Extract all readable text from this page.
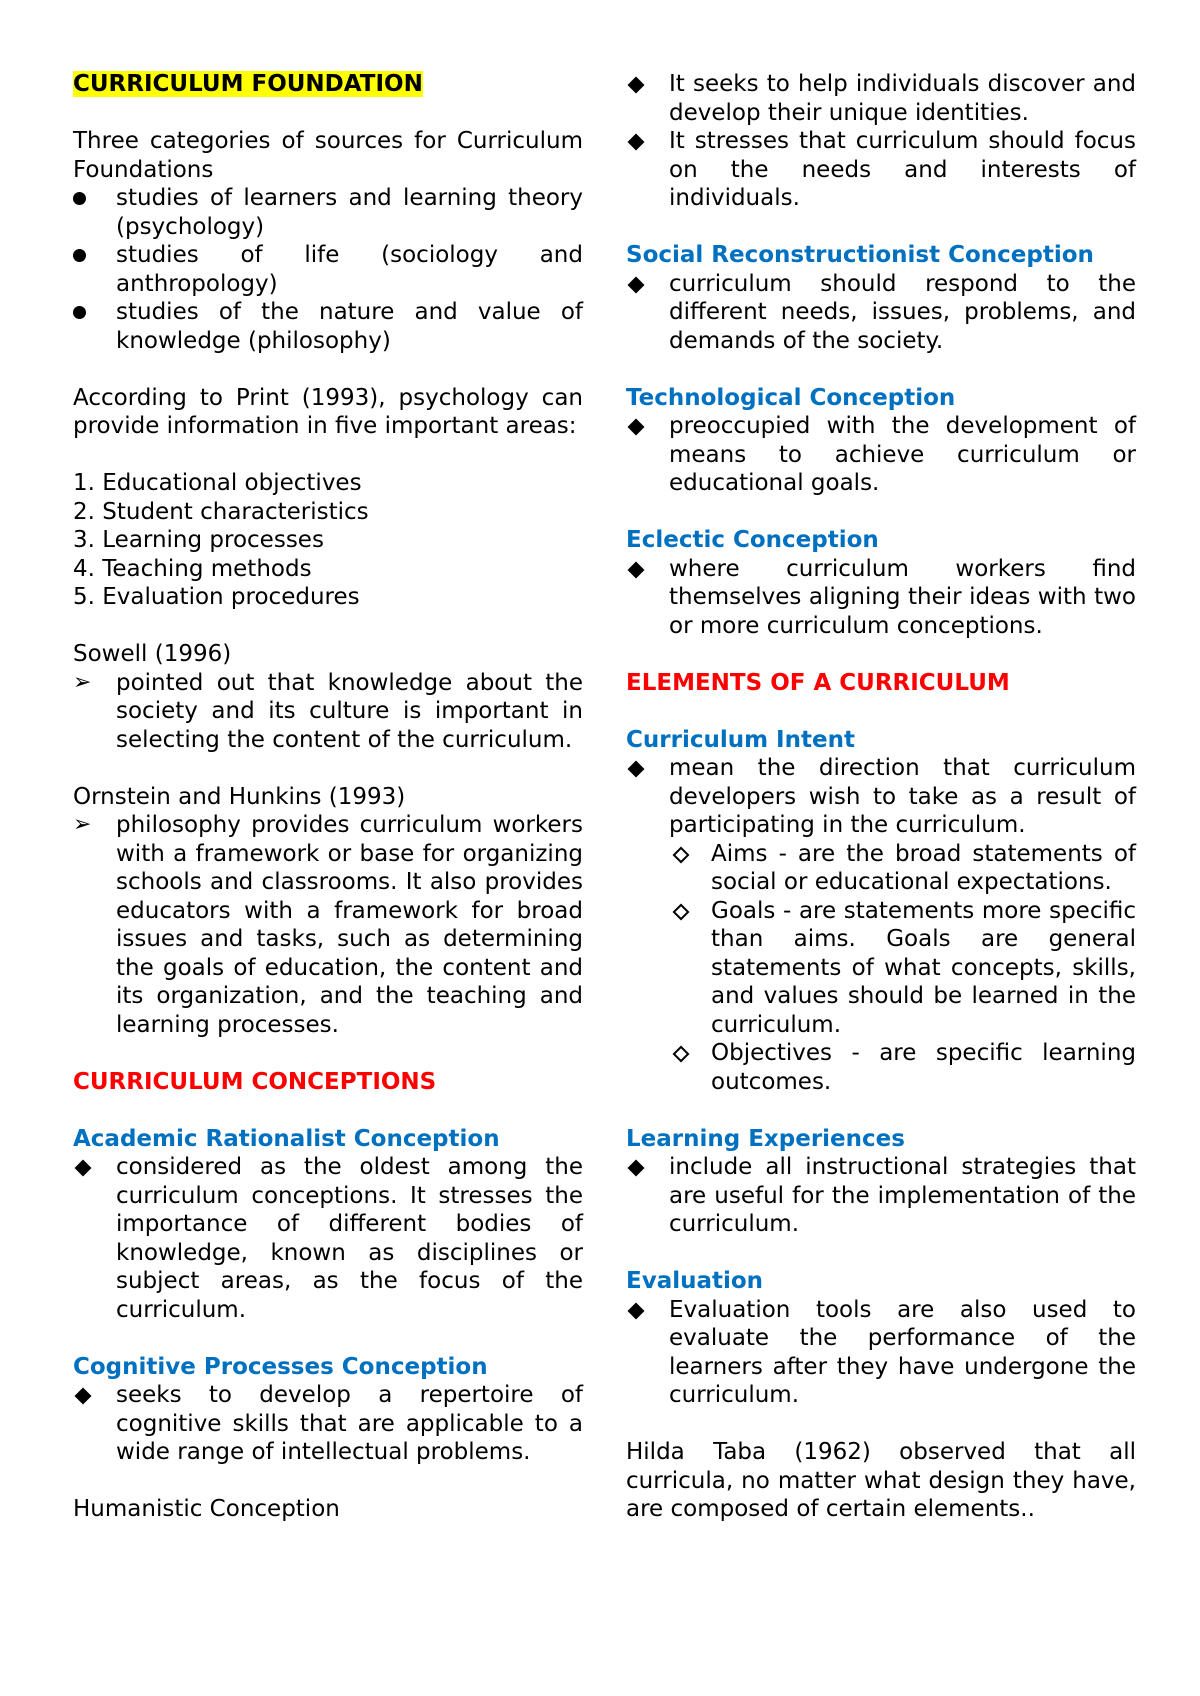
CURRICULUM FOUNDATION

Three categories of sources for Curriculum Foundations

studies of learners and learning theory (psychology)
studies of life (sociology and anthropology)
studies of the nature and value of knowledge (philosophy)

According to Print (1993), psychology can provide information in five important areas:

1. Educational objectives

2. Student characteristics

3. Learning processes

4. Teaching methods

5. Evaluation procedures

Sowell (1996)

➢	pointed out that knowledge about the society and its culture is important in selecting the content of the curriculum.

Ornstein and Hunkins (1993)

➢	philosophy provides curriculum workers with a framework or base for organizing schools and classrooms. It also provides educators with a framework for broad issues and tasks, such as determining the goals of education, the content and its organization, and the teaching and learning processes.

CURRICULUM CONCEPTIONS

Academic Rationalist Conception

considered as the oldest among the curriculum conceptions. It stresses the importance of different bodies of knowledge, known as disciplines or subject areas, as the focus of the curriculum.

Cognitive Processes Conception

seeks to develop a repertoire of cognitive skills that are applicable to a wide range of intellectual problems.

Humanistic Conception

It seeks to help individuals discover and develop their unique identities.
It stresses that curriculum should focus on the needs and interests of individuals.

Social Reconstructionist Conception

curriculum should respond to the different needs, issues, problems, and demands of the society.

Technological Conception

preoccupied with the development of means to achieve curriculum or educational goals.

Eclectic Conception

where curriculum workers find themselves aligning their ideas with two or more curriculum conceptions.

ELEMENTS OF A CURRICULUM

Curriculum Intent

mean the direction that curriculum developers wish to take as a result of participating in the curriculum.
Aims - are the broad statements of social or educational expectations.
Goals - are statements more specific than aims. Goals are general statements of what concepts, skills, and values should be learned in the curriculum.
Objectives - are specific learning outcomes.

Learning Experiences

include all instructional strategies that are useful for the implementation of the curriculum.

Evaluation

Evaluation tools are also used to evaluate the performance of the learners after they have undergone the curriculum.

Hilda Taba (1962) observed that all curricula, no matter what design they have, are composed of certain elements..
